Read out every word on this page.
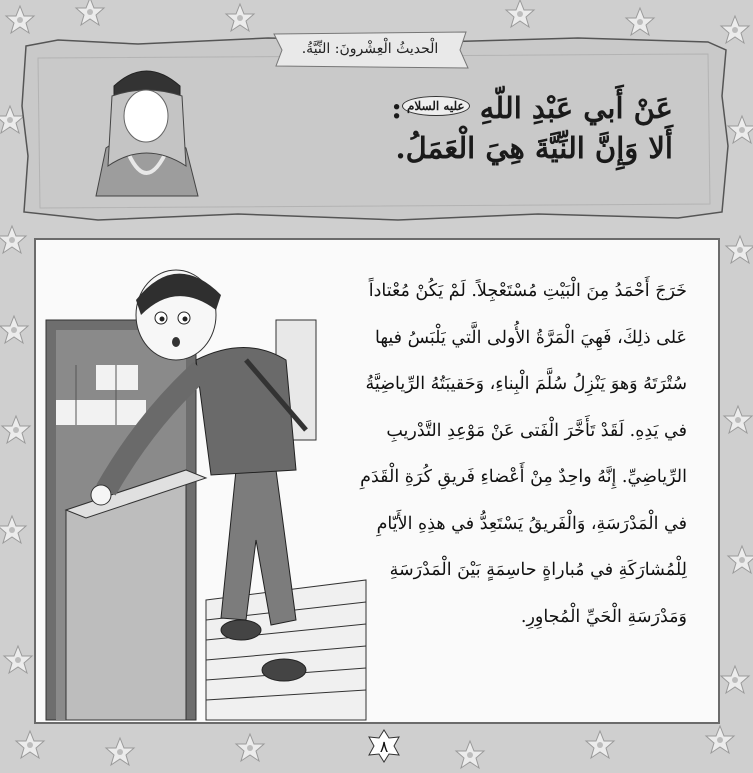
الْحديثُ الْعِشْرونَ: النِّيَّةُ.
عَنْ أَبي عَبْدِ اللّهِ عليه السلام:
أَلا وَإِنَّ النِّيَّةَ هِيَ الْعَمَلُ.
خَرَجَ أَحْمَدُ مِنَ الْبَيْتِ مُسْتَعْجِلاً. لَمْ يَكُنْ مُعْتاداً
عَلى ذلِكَ، فَهِيَ الْمَرَّةُ الأُولى الَّتي يَلْبَسُ فيها
سُتْرَتَهُ وَهوَ يَنْزِلُ سُلَّمَ الْبِناءِ، وَحَقيبَتُهُ الرِّياضِيَّةُ
في يَدِهِ. لَقَدْ تَأَخَّرَ الْفَتى عَنْ مَوْعِدِ التَّدْريبِ
الرِّياضِيِّ. إِنَّهُ واحِدٌ مِنْ أَعْضاءِ فَريقِ كُرَةِ الْقَدَمِ
في الْمَدْرَسَةِ، وَالْفَريقُ يَسْتَعِدُّ في هذِهِ الأَيّامِ
لِلْمُشارَكَةِ في مُباراةٍ حاسِمَةٍ بَيْنَ الْمَدْرَسَةِ
وَمَدْرَسَةِ الْحَيِّ الْمُجاوِرِ.
٨
